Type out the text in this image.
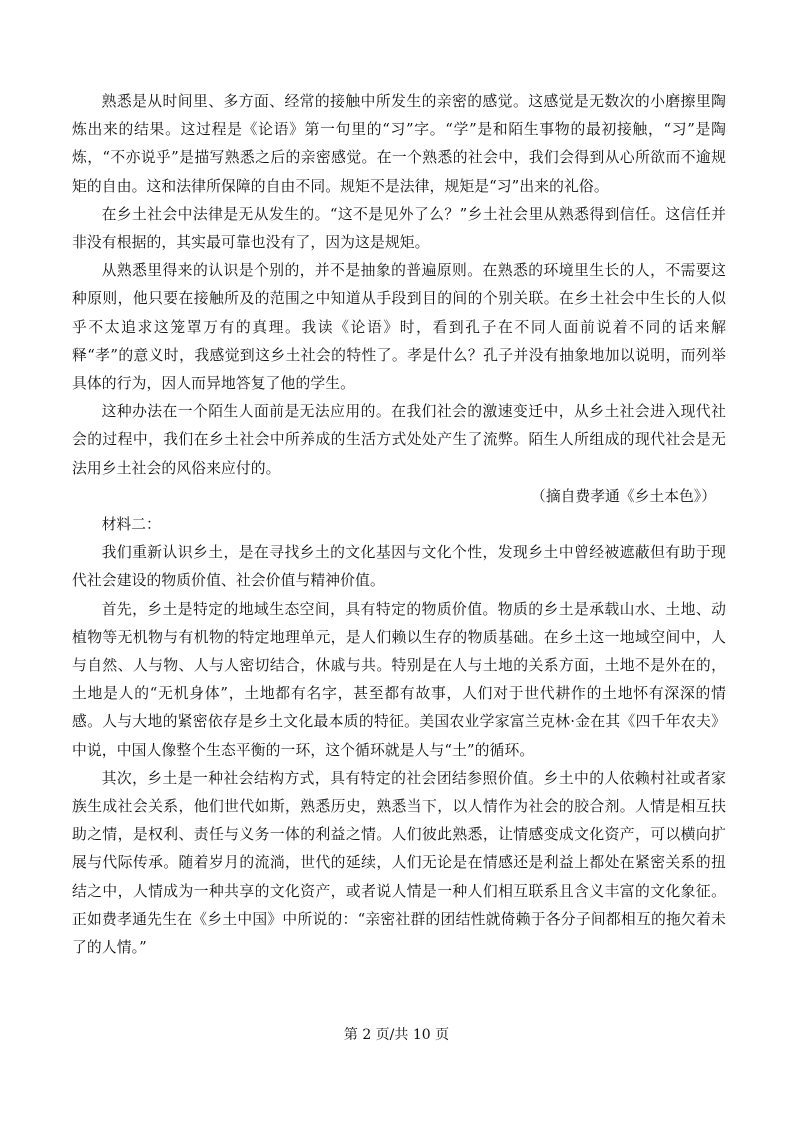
熟悉是从时间里、多方面、经常的接触中所发生的亲密的感觉。这感觉是无数次的小磨擦里陶炼出来的结果。这过程是《论语》第一句里的“习”字。“学”是和陌生事物的最初接触，“习”是陶炼，“不亦说乎”是描写熟悉之后的亲密感觉。在一个熟悉的社会中，我们会得到从心所欲而不逾规矩的自由。这和法律所保障的自由不同。规矩不是法律，规矩是“习”出来的礼俗。

在乡土社会中法律是无从发生的。“这不是见外了么？”乡土社会里从熟悉得到信任。这信任并非没有根据的，其实最可靠也没有了，因为这是规矩。

从熟悉里得来的认识是个别的，并不是抽象的普遍原则。在熟悉的环境里生长的人，不需要这种原则，他只要在接触所及的范围之中知道从手段到目的间的个别关联。在乡土社会中生长的人似乎不太追求这笼罩万有的真理。我读《论语》时，看到孔子在不同人面前说着不同的话来解释“孝”的意义时，我感觉到这乡土社会的特性了。孝是什么？孔子并没有抽象地加以说明，而列举具体的行为，因人而异地答复了他的学生。

这种办法在一个陌生人面前是无法应用的。在我们社会的激速变迁中，从乡土社会进入现代社会的过程中，我们在乡土社会中所养成的生活方式处处产生了流弊。陌生人所组成的现代社会是无法用乡土社会的风俗来应付的。

（摘自费孝通《乡土本色》）

材料二：

我们重新认识乡土，是在寻找乡土的文化基因与文化个性，发现乡土中曾经被遮蔽但有助于现代社会建设的物质价值、社会价值与精神价值。

首先，乡土是特定的地域生态空间，具有特定的物质价值。物质的乡土是承载山水、土地、动植物等无机物与有机物的特定地理单元，是人们赖以生存的物质基础。在乡土这一地域空间中，人与自然、人与物、人与人密切结合，休戚与共。特别是在人与土地的关系方面，土地不是外在的，土地是人的“无机身体”，土地都有名字，甚至都有故事，人们对于世代耕作的土地怀有深深的情感。人与大地的紧密依存是乡土文化最本质的特征。美国农业学家富兰克林·金在其《四千年农夫》中说，中国人像整个生态平衡的一环，这个循环就是人与“土”的循环。

其次，乡土是一种社会结构方式，具有特定的社会团结参照价值。乡土中的人依赖村社或者家族生成社会关系，他们世代如斯，熟悉历史，熟悉当下，以人情作为社会的胶合剂。人情是相互扶助之情，是权利、责任与义务一体的利益之情。人们彼此熟悉，让情感变成文化资产，可以横向扩展与代际传承。随着岁月的流淌，世代的延续，人们无论是在情感还是利益上都处在紧密关系的扭结之中，人情成为一种共享的文化资产，或者说人情是一种人们相互联系且含义丰富的文化象征。正如费孝通先生在《乡土中国》中所说的：“亲密社群的团结性就倚赖于各分子间都相互的拖欠着未了的人情。”

第 2 页/共 10 页
